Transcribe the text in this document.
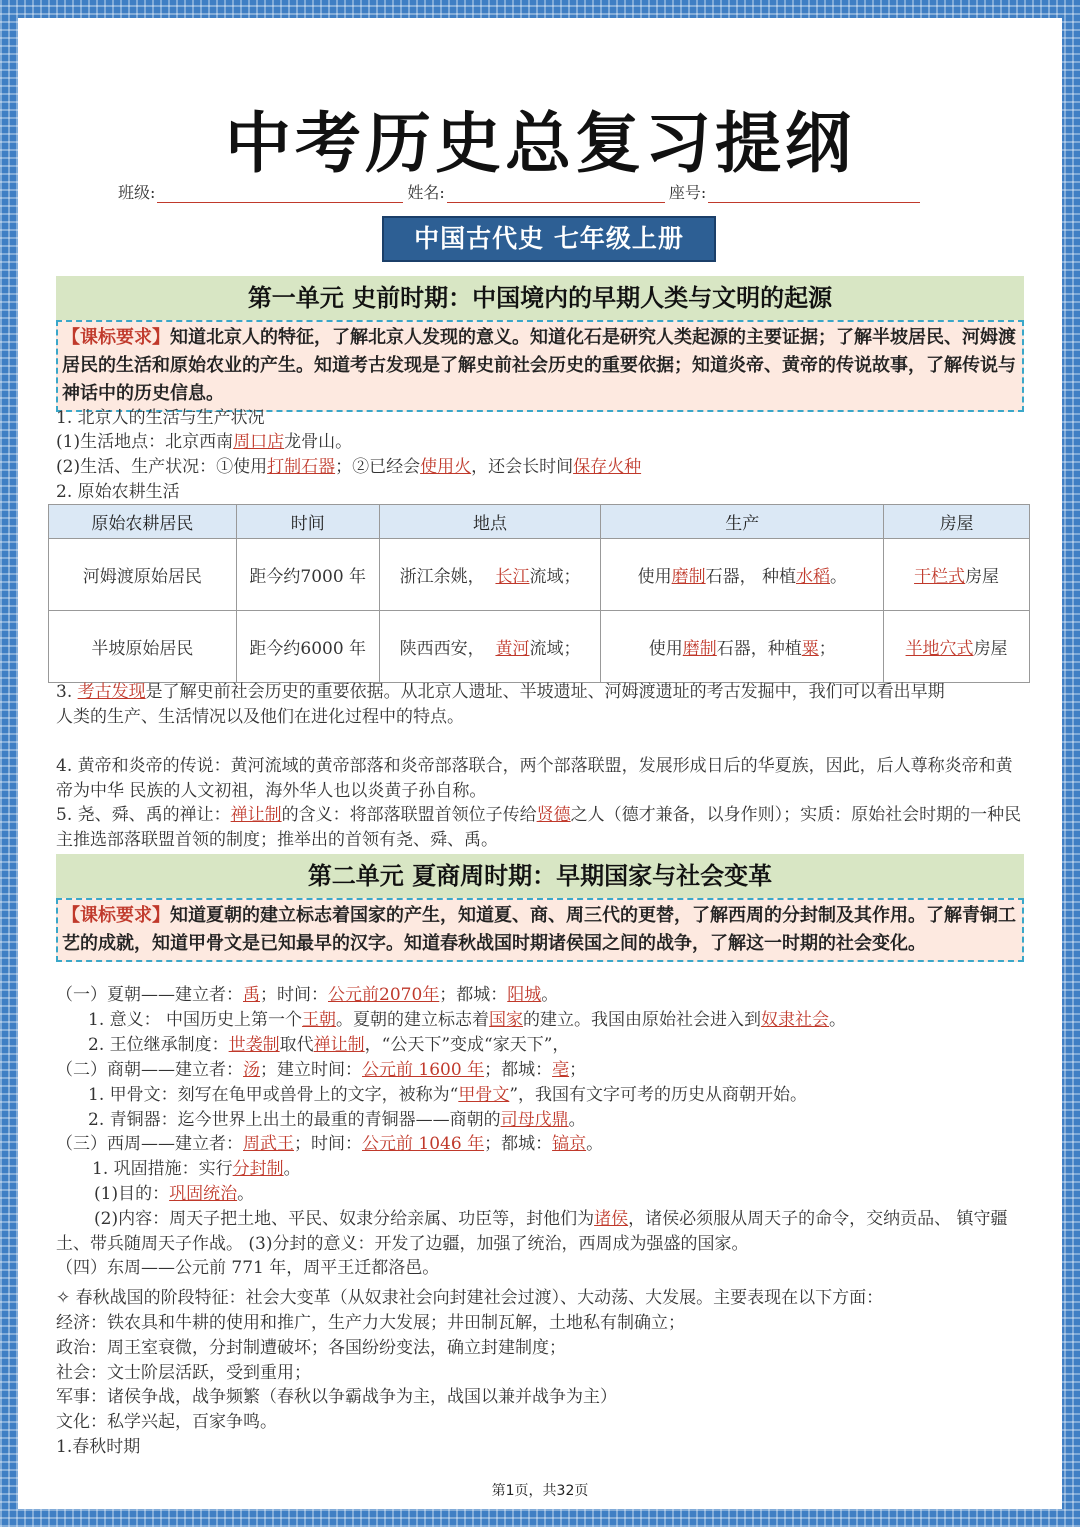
中考历史总复习提纲
班级:	姓名:	座号:
中国古代史 七年级上册
第一单元 史前时期：中国境内的早期人类与文明的起源
【课标要求】知道北京人的特征，了解北京人发现的意义。知道化石是研究人类起源的主要证据；了解半坡居民、河姆渡居民的生活和原始农业的产生。知道考古发现是了解史前社会历史的重要依据；知道炎帝、黄帝的传说故事，了解传说与神话中的历史信息。
1. 北京人的生活与生产状况
(1)生活地点：北京西南周口店龙骨山。
(2)生活、生产状况：①使用打制石器；②已经会使用火，还会长时间保存火种
2. 原始农耕生活
原始农耕居民	时间	地点	生产	房屋
河姆渡原始居民	距今约7000 年	浙江余姚， 长江流域；	使用磨制石器， 种植水稻。	干栏式房屋
半坡原始居民	距今约6000 年	陕西西安， 黄河流域；	使用磨制石器，种植粟；	半地穴式房屋
3. 考古发现是了解史前社会历史的重要依据。从北京人遗址、半坡遗址、河姆渡遗址的考古发掘中，我们可以看出早期
人类的生产、生活情况以及他们在进化过程中的特点。
4. 黄帝和炎帝的传说：黄河流域的黄帝部落和炎帝部落联合，两个部落联盟，发展形成日后的华夏族，因此，后人尊称炎帝和黄帝为中华 民族的人文初祖，海外华人也以炎黄子孙自称。
5. 尧、舜、禹的禅让：禅让制的含义：将部落联盟首领位子传给贤德之人（德才兼备，以身作则）；实质：原始社会时期的一种民主推选部落联盟首领的制度；推举出的首领有尧、舜、禹。
第二单元 夏商周时期：早期国家与社会变革
【课标要求】知道夏朝的建立标志着国家的产生，知道夏、商、周三代的更替，了解西周的分封制及其作用。了解青铜工艺的成就，知道甲骨文是已知最早的汉字。知道春秋战国时期诸侯国之间的战争，了解这一时期的社会变化。
（一）夏朝——建立者：禹；时间：公元前2070年；都城：阳城。
1. 意义： 中国历史上第一个王朝。夏朝的建立标志着国家的建立。我国由原始社会进入到奴隶社会。
2. 王位继承制度：世袭制取代禅让制，“公天下”变成“家天下”，
（二）商朝——建立者：汤；建立时间：公元前 1600 年；都城：亳；
1. 甲骨文：刻写在龟甲或兽骨上的文字，被称为“甲骨文”，我国有文字可考的历史从商朝开始。
2. 青铜器：迄今世界上出土的最重的青铜器——商朝的司母戊鼎。
（三）西周——建立者：周武王；时间：公元前 1046 年；都城：镐京。
1. 巩固措施：实行分封制。
(1)目的：巩固统治。
(2)内容：周天子把土地、平民、奴隶分给亲属、功臣等，封他们为诸侯，诸侯必须服从周天子的命令，交纳贡品、 镇守疆土、带兵随周天子作战。 (3)分封的意义：开发了边疆，加强了统治，西周成为强盛的国家。
（四）东周——公元前 771 年，周平王迁都洛邑。
✧ 春秋战国的阶段特征：社会大变革（从奴隶社会向封建社会过渡）、大动荡、大发展。主要表现在以下方面：
经济：铁农具和牛耕的使用和推广，生产力大发展；井田制瓦解，土地私有制确立；
政治：周王室衰微，分封制遭破坏；各国纷纷变法，确立封建制度；
社会：文士阶层活跃，受到重用；
军事：诸侯争战，战争频繁（春秋以争霸战争为主，战国以兼并战争为主）
文化：私学兴起，百家争鸣。
1.春秋时期
第1页，共32页
